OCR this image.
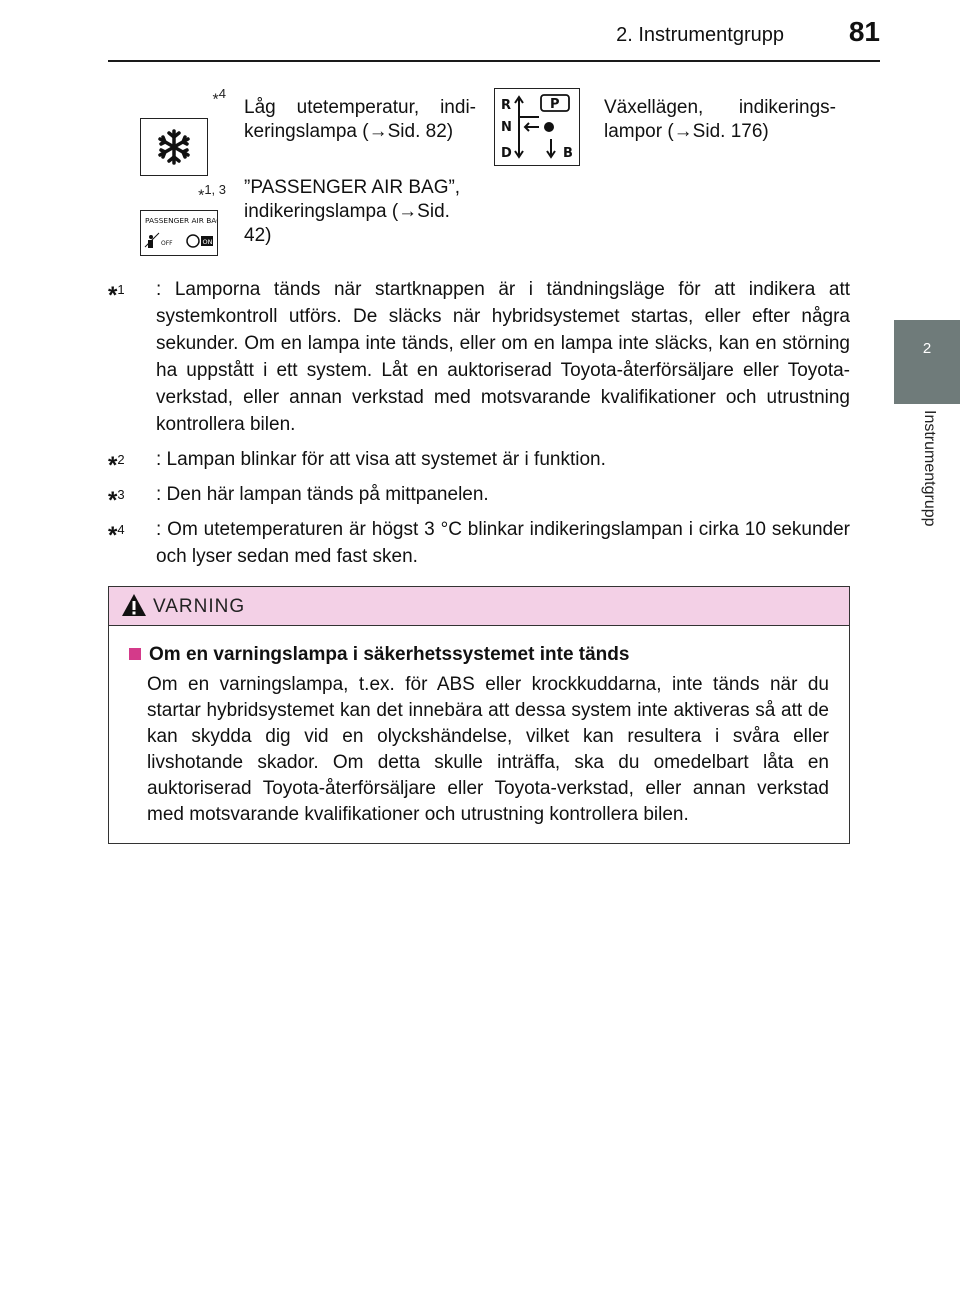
2. Instrumentgrupp 81
2
Instrumentgrupp
*$^4$
Låg utetemperatur, indikeringslampa (→Sid. 82)
R
N
D	B
P Växellägen, indikeringslampor (→Sid. 176)
*$^{1, 3}$
PASSENGER AIR BAG
OFF	ON
”PASSENGER AIR BAG”, indikeringslampa (→Sid. 42)
*$^1$ : Lamporna tänds när startknappen är i tändningsläge för att indikera att systemkontroll utförs. De släcks när hybridsystemet startas, eller efter några sekunder. Om en lampa inte tänds, eller om en lampa inte släcks, kan en störning ha uppstått i ett system. Låt en auktoriserad Toyota-återförsäljare eller Toyota-verkstad, eller annan verkstad med motsvarande kvalifikationer och utrustning kontrollera bilen.
*$^2$ : Lampan blinkar för att visa att systemet är i funktion.
*$^3$ : Den här lampan tänds på mittpanelen.
*$^4$ : Om utetemperaturen är högst 3 °C blinkar indikeringslampan i cirka 10 sekunder och lyser sedan med fast sken.
VARNING
Om en varningslampa i säkerhetssystemet inte tänds
Om en varningslampa, t.ex. för ABS eller krockkuddarna, inte tänds när du startar hybridsystemet kan det innebära att dessa system inte aktiveras så att de kan skydda dig vid en olyckshändelse, vilket kan resultera i svåra eller livshotande skador. Om detta skulle inträffa, ska du omedelbart låta en auktoriserad Toyota-återförsäljare eller Toyota-verkstad, eller annan verkstad med motsvarande kvalifikationer och utrustning kontrollera bilen.
